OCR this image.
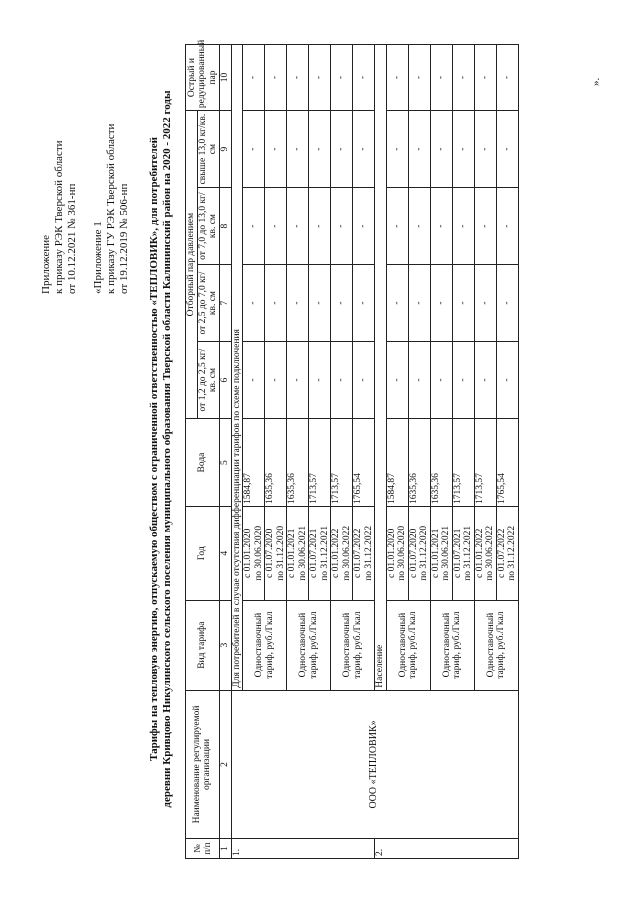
Приложение к приказу РЭК Тверской области от 10.12.2021 № 361-нп «Приложение 1 к приказу ГУ РЭК Тверской области от 19.12.2019 № 506-нп Тарифы на тепловую энергию, отпускаемую обществом с ограниченной ответственностью «ТЕПЛОВИК», для потребителей деревни Кривцово Никулинского сельского поселения муниципального образования Тверской области Калининский район на 2020 - 2022 годы
№ п/п	Наименование регулируемой организации	Вид тарифа	Год	Вода	Отборный пар давлением				Острый и редуцированный пар
					от 1,2 до 2,5 кг/кв. см	от 2,5 до 7,0 кг/кв. см	от 7,0 до 13,0 кг/кв. см	свыше 13,0 кг/кв. см	
1	2	3	4	5	6	7	8	9	10
1.	ООО «ТЕПЛОВИК»	Для потребителей в случае отсутствия дифференциации тарифов по схеме подключения							
		Одноставочный тариф, руб./Гкал	с 01.01.2020 по 30.06.2020	1584,87	-	-	-	-	-

			с 01.07.2020 по 31.12.2020	1635,36	-	-	-	-	-
		Одноставочный тариф, руб./Гкал	с 01.01.2021 по 30.06.2021	1635,36	-	-	-	-	-

			с 01.07.2021 по 31.12.2021	1713,57	-	-	-	-	-
		Одноставочный тариф, руб./Гкал	с 01.01.2022 по 30.06.2022	1713,57	-	-	-	-	-

			с 01.07.2022 по 31.12.2022	1765,54	-	-	-	-	-
2.		Население							
		Одноставочный тариф, руб./Гкал	с 01.01.2020 по 30.06.2020	1584,87	-	-	-	-	-

			с 01.07.2020 по 31.12.2020	1635,36	-	-	-	-	-
		Одноставочный тариф, руб./Гкал	с 01.01.2021 по 30.06.2021	1635,36	-	-	-	-	-

			с 01.07.2021 по 31.12.2021	1713,57	-	-	-	-	-
		Одноставочный тариф, руб./Гкал	с 01.01.2022 по 30.06.2022	1713,57	-	-	-	-	-

			с 01.07.2022 по 31.12.2022	1765,54	-	-	-	-	-
».
